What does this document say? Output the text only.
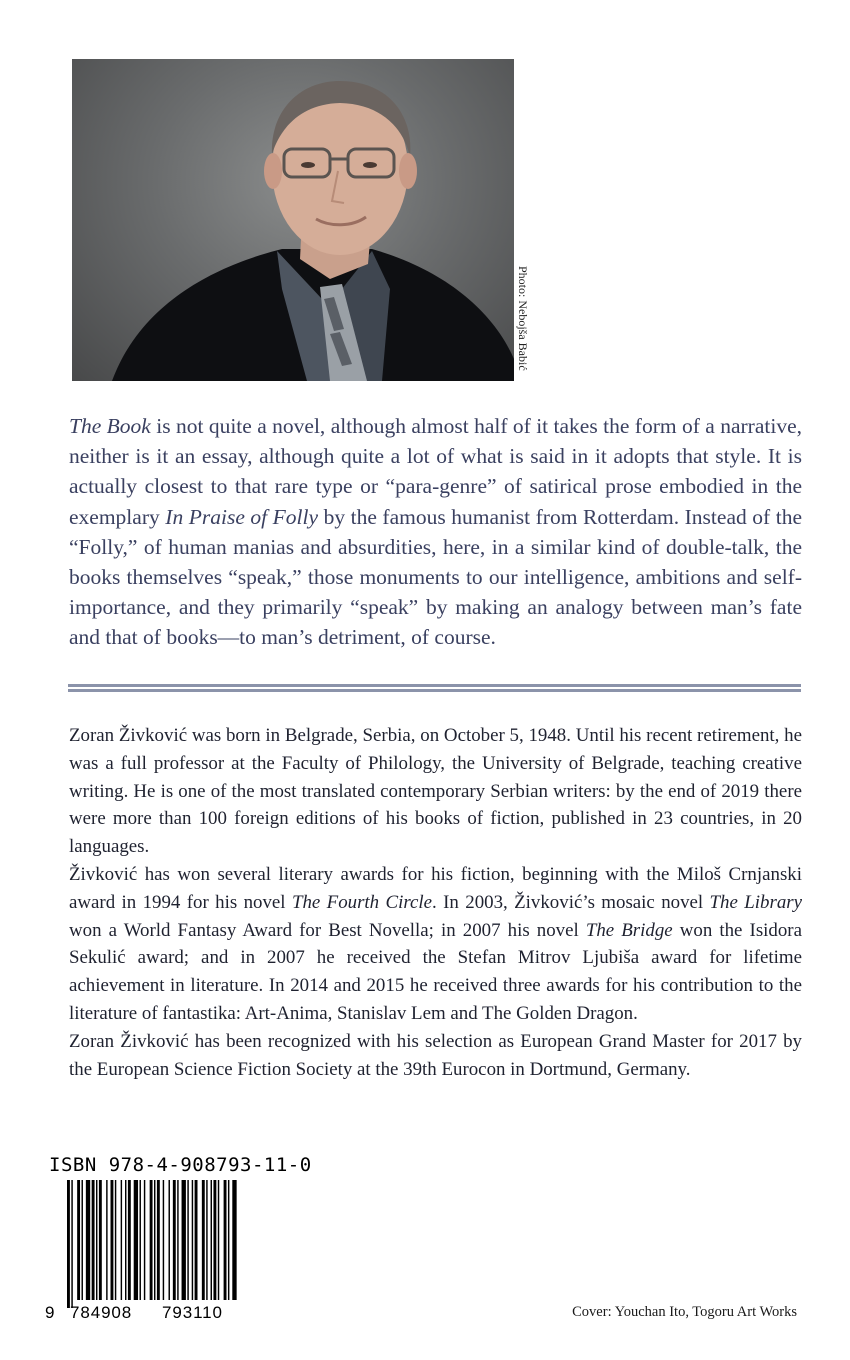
Photo: Nebojša Babić

The Book is not quite a novel, although almost half of it takes the form of a narrative, neither is it an essay, although quite a lot of what is said in it adopts that style. It is actually closest to that rare type or “para-genre” of satirical prose embodied in the exemplary In Praise of Folly by the famous humanist from Rotterdam. Instead of the “Folly,” of human manias and absurdities, here, in a similar kind of double-talk, the books themselves “speak,” those monuments to our intelligence, ambitions and self-importance, and they primarily “speak” by making an analogy between man’s fate and that of books—to man’s detriment, of course.

Zoran Živković was born in Belgrade, Serbia, on October 5, 1948. Until his recent retirement, he was a full professor at the Faculty of Philology, the University of Belgrade, teaching creative writing. He is one of the most translated contemporary Serbian writers: by the end of 2019 there were more than 100 foreign editions of his books of fiction, published in 23 countries, in 20 languages.

Živković has won several literary awards for his fiction, beginning with the Miloš Crnjanski award in 1994 for his novel The Fourth Circle. In 2003, Živković’s mosaic novel The Library won a World Fantasy Award for Best Novella; in 2007 his novel The Bridge won the Isidora Sekulić award; and in 2007 he received the Stefan Mitrov Ljubiša award for lifetime achievement in literature. In 2014 and 2015 he received three awards for his contribution to the literature of fantastika: Art-Anima, Stanislav Lem and The Golden Dragon.

Zoran Živković has been recognized with his selection as European Grand Master for 2017 by the European Science Fiction Society at the 39th Eurocon in Dortmund, Germany.

ISBN 978-4-908793-11-0
9 784908 793110	Cover: Youchan Ito, Togoru Art Works
